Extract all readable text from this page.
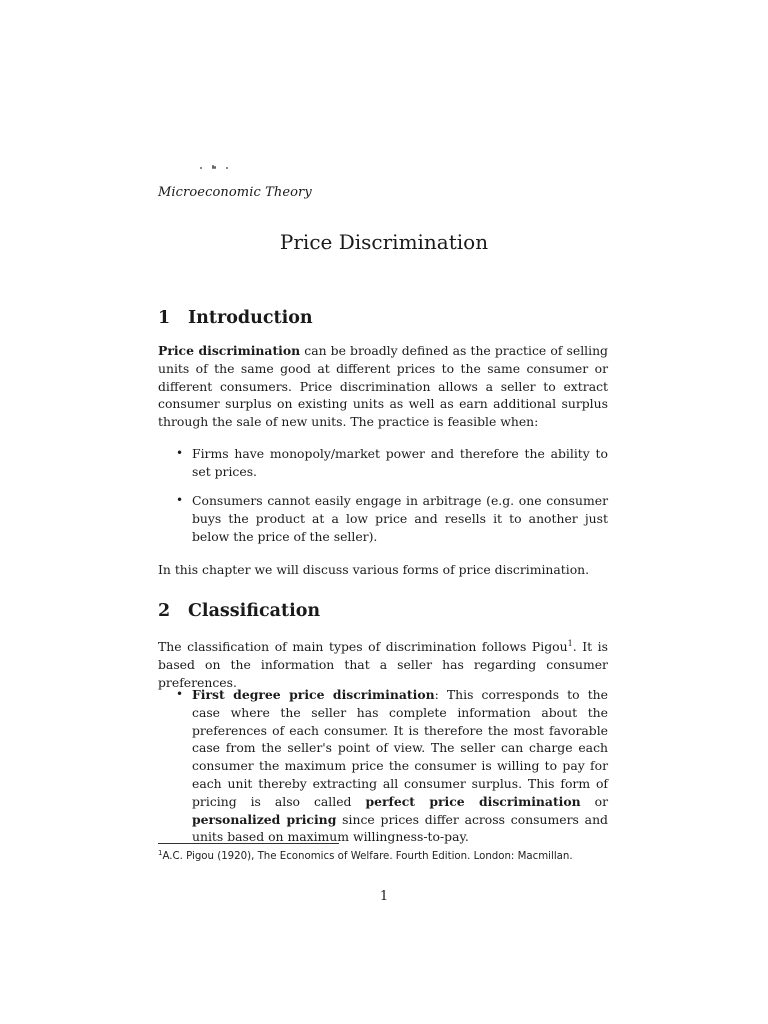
Microeconomic Theory
Price Discrimination
1 Introduction

Price discrimination can be broadly defined as the practice of selling units of the same good at different prices to the same consumer or different consumers. Price discrimination allows a seller to extract consumer surplus on existing units as well as earn additional surplus through the sale of new units. The practice is feasible when:

• Firms have monopoly/market power and therefore the ability to set prices.
• Consumers cannot easily engage in arbitrage (e.g. one consumer buys the product at a low price and resells it to another just below the price of the seller).

In this chapter we will discuss various forms of price discrimination.

2 Classification

The classification of main types of discrimination follows Pigou$^1$. It is based on the information that a seller has regarding consumer preferences.

• First degree price discrimination: This corresponds to the case where the seller has complete information about the preferences of each consumer. It is therefore the most favorable case from the seller's point of view. The seller can charge each consumer the maximum price the consumer is willing to pay for each unit thereby extracting all consumer surplus. This form of pricing is also called perfect price discrimination or personalized pricing since prices differ across consumers and units based on maximum willingness-to-pay.
$^1$A.C. Pigou (1920), The Economics of Welfare. Fourth Edition. London: Macmillan.
1
